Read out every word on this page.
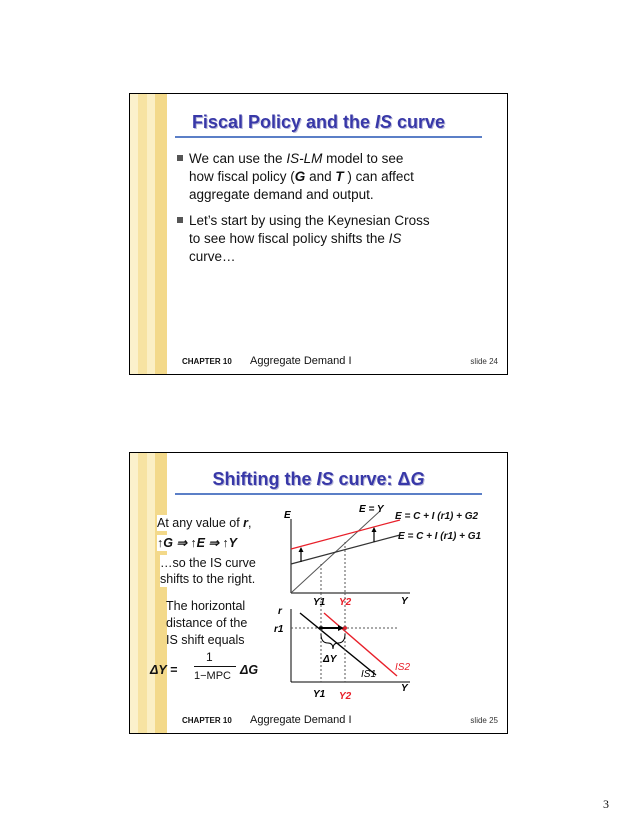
Fiscal Policy and the IS curve
We can use the IS-LM model to see
how fiscal policy (G and T ) can affect
aggregate demand and output.
Let’s start by using the Keynesian Cross
to see how fiscal policy shifts the IS
curve…
CHAPTER 10 Aggregate Demand I	slide 24
Shifting the IS curve: ΔG
At any value of r,
↑G ⇒ ↑E ⇒ ↑Y
…so the IS curve
shifts to the right.
The horizontal
distance of the
IS shift equals
ΔY =
1
1−MPC ΔG
E
E = Y
E = C + I (r1) + G2
E = C + I (r1) + G1
Y1 Y2	Y
r
r1
ΔY
IS1
IS2
Y1 Y2
Y
CHAPTER 10 Aggregate Demand I	slide 25
3
